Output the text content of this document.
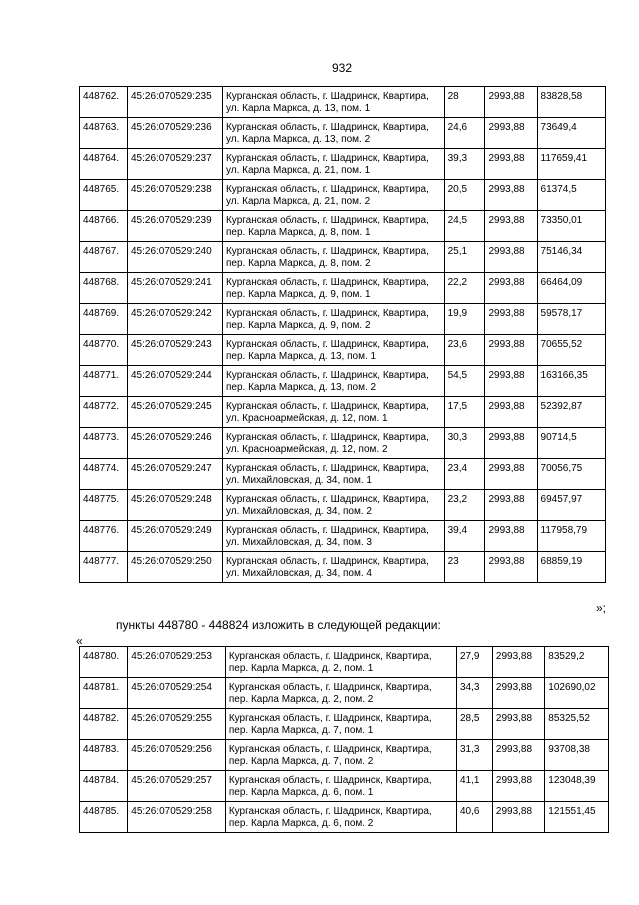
932
448762.	45:26:070529:235	Курганская область, г. Шадринск, Квартира, ул. Карла Маркса, д. 13, пом. 1	28	2993,88	83828,58
448763.	45:26:070529:236	Курганская область, г. Шадринск, Квартира, ул. Карла Маркса, д. 13, пом. 2	24,6	2993,88	73649,4
448764.	45:26:070529:237	Курганская область, г. Шадринск, Квартира, ул. Карла Маркса, д. 21, пом. 1	39,3	2993,88	117659,41
448765.	45:26:070529:238	Курганская область, г. Шадринск, Квартира, ул. Карла Маркса, д. 21, пом. 2	20,5	2993,88	61374,5
448766.	45:26:070529:239	Курганская область, г. Шадринск, Квартира, пер. Карла Маркса, д. 8, пом. 1	24,5	2993,88	73350,01
448767.	45:26:070529:240	Курганская область, г. Шадринск, Квартира, пер. Карла Маркса, д. 8, пом. 2	25,1	2993,88	75146,34
448768.	45:26:070529:241	Курганская область, г. Шадринск, Квартира, пер. Карла Маркса, д. 9, пом. 1	22,2	2993,88	66464,09
448769.	45:26:070529:242	Курганская область, г. Шадринск, Квартира, пер. Карла Маркса, д. 9, пом. 2	19,9	2993,88	59578,17
448770.	45:26:070529:243	Курганская область, г. Шадринск, Квартира, пер. Карла Маркса, д. 13, пом. 1	23,6	2993,88	70655,52
448771.	45:26:070529:244	Курганская область, г. Шадринск, Квартира, пер. Карла Маркса, д. 13, пом. 2	54,5	2993,88	163166,35
448772.	45:26:070529:245	Курганская область, г. Шадринск, Квартира, ул. Красноармейская, д. 12, пом. 1	17,5	2993,88	52392,87
448773.	45:26:070529:246	Курганская область, г. Шадринск, Квартира, ул. Красноармейская, д. 12, пом. 2	30,3	2993,88	90714,5
448774.	45:26:070529:247	Курганская область, г. Шадринск, Квартира, ул. Михайловская, д. 34, пом. 1	23,4	2993,88	70056,75
448775.	45:26:070529:248	Курганская область, г. Шадринск, Квартира, ул. Михайловская, д. 34, пом. 2	23,2	2993,88	69457,97
448776.	45:26:070529:249	Курганская область, г. Шадринск, Квартира, ул. Михайловская, д. 34, пом. 3	39,4	2993,88	117958,79
448777.	45:26:070529:250	Курганская область, г. Шадринск, Квартира, ул. Михайловская, д. 34, пом. 4	23	2993,88	68859,19
»;
пункты 448780 - 448824 изложить в следующей редакции:
«
448780.	45:26:070529:253	Курганская область, г. Шадринск, Квартира, пер. Карла Маркса, д. 2, пом. 1	27,9	2993,88	83529,2
448781.	45:26:070529:254	Курганская область, г. Шадринск, Квартира, пер. Карла Маркса, д. 2, пом. 2	34,3	2993,88	102690,02
448782.	45:26:070529:255	Курганская область, г. Шадринск, Квартира, пер. Карла Маркса, д. 7, пом. 1	28,5	2993,88	85325,52
448783.	45:26:070529:256	Курганская область, г. Шадринск, Квартира, пер. Карла Маркса, д. 7, пом. 2	31,3	2993,88	93708,38
448784.	45:26:070529:257	Курганская область, г. Шадринск, Квартира, пер. Карла Маркса, д. 6, пом. 1	41,1	2993,88	123048,39
448785.	45:26:070529:258	Курганская область, г. Шадринск, Квартира, пер. Карла Маркса, д. 6, пом. 2	40,6	2993,88	121551,45
